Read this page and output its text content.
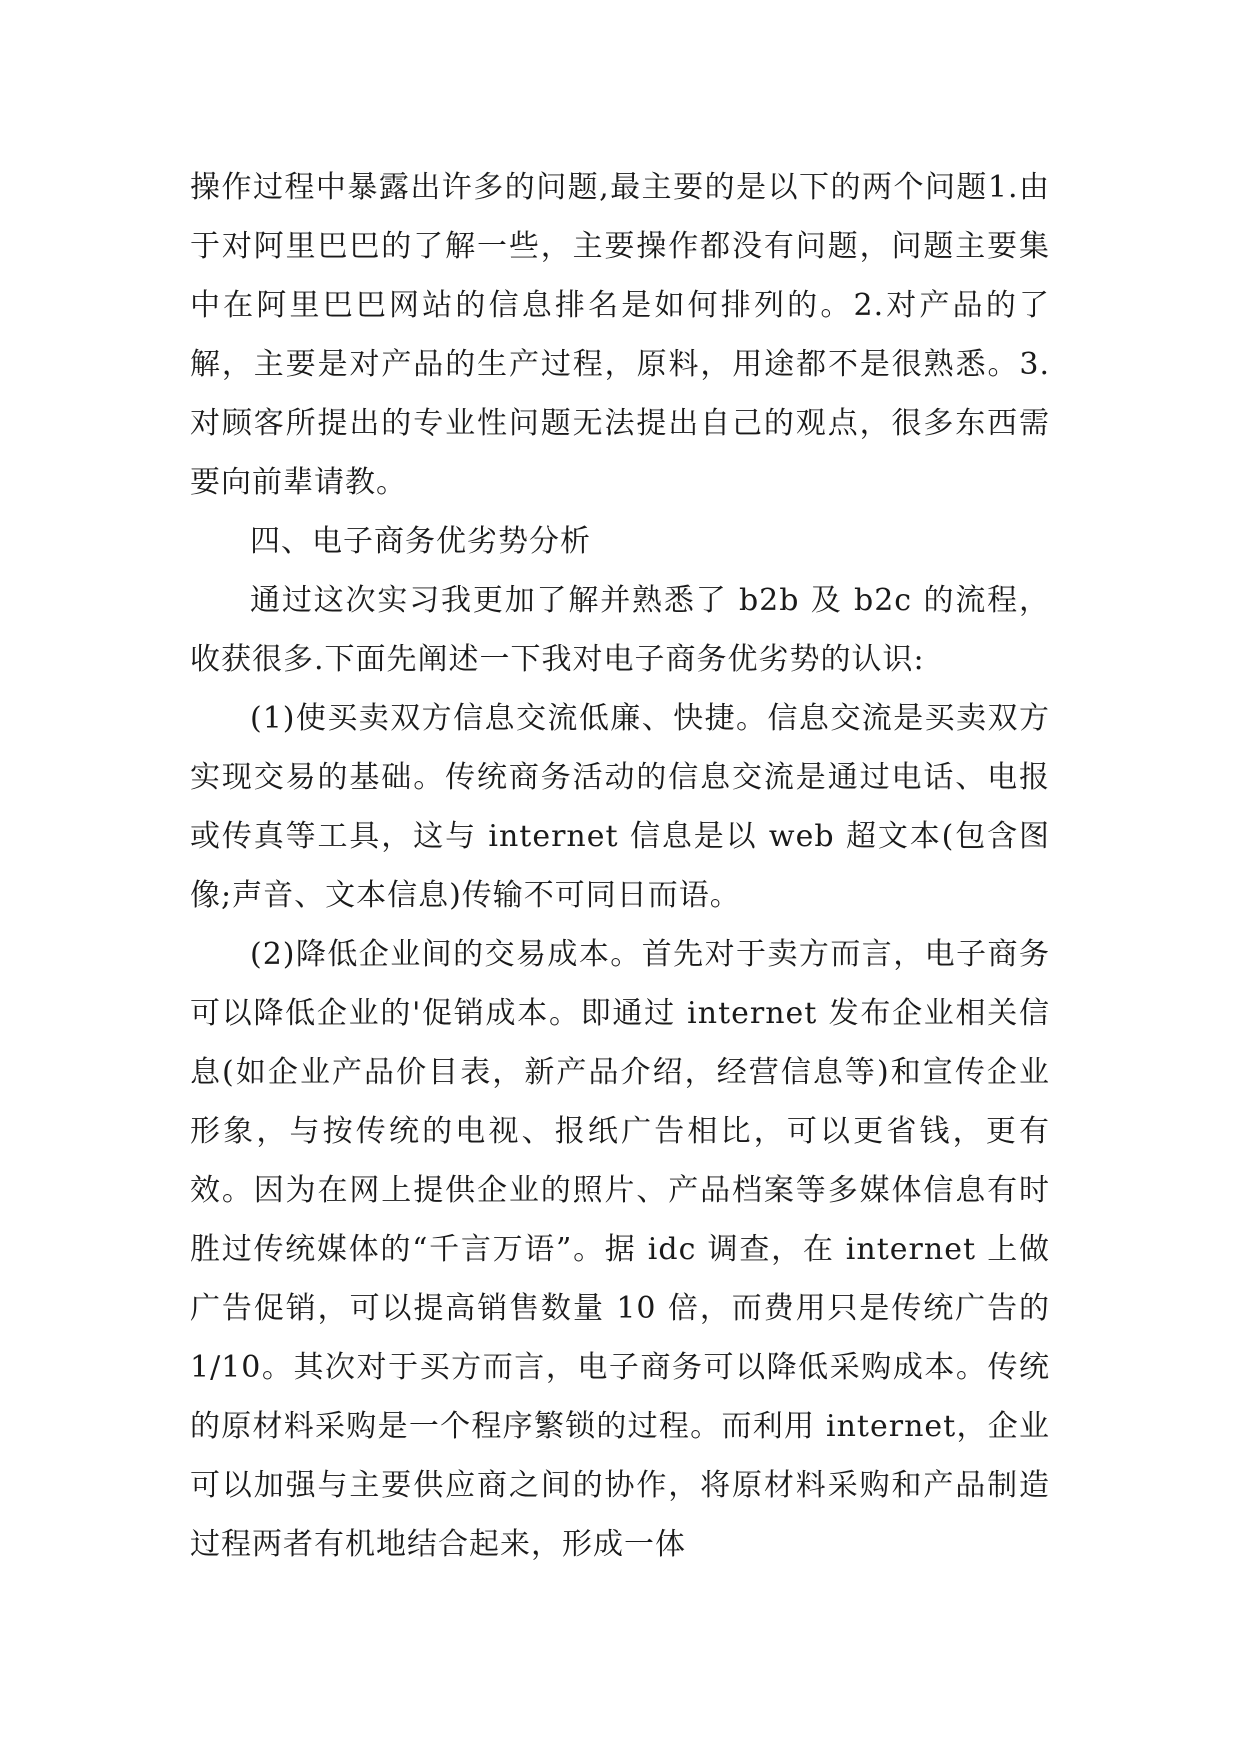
操作过程中暴露出许多的问题,最主要的是以下的两个问题1.由于对阿里巴巴的了解一些，主要操作都没有问题，问题主要集中在阿里巴巴网站的信息排名是如何排列的。2.对产品的了解，主要是对产品的生产过程，原料，用途都不是很熟悉。3.对顾客所提出的专业性问题无法提出自己的观点，很多东西需要向前辈请教。

四、电子商务优劣势分析

通过这次实习我更加了解并熟悉了 b2b 及 b2c 的流程，收获很多.下面先阐述一下我对电子商务优劣势的认识:

(1)使买卖双方信息交流低廉、快捷。信息交流是买卖双方实现交易的基础。传统商务活动的信息交流是通过电话、电报或传真等工具，这与 internet 信息是以 web 超文本(包含图像;声音、文本信息)传输不可同日而语。

(2)降低企业间的交易成本。首先对于卖方而言，电子商务可以降低企业的'促销成本。即通过 internet 发布企业相关信息(如企业产品价目表，新产品介绍，经营信息等)和宣传企业形象，与按传统的电视、报纸广告相比，可以更省钱，更有效。因为在网上提供企业的照片、产品档案等多媒体信息有时胜过传统媒体的“千言万语”。据 idc 调查，在 internet 上做广告促销，可以提高销售数量 10 倍，而费用只是传统广告的 1/10。其次对于买方而言，电子商务可以降低采购成本。传统的原材料采购是一个程序繁锁的过程。而利用 internet，企业可以加强与主要供应商之间的协作，将原材料采购和产品制造过程两者有机地结合起来，形成一体
